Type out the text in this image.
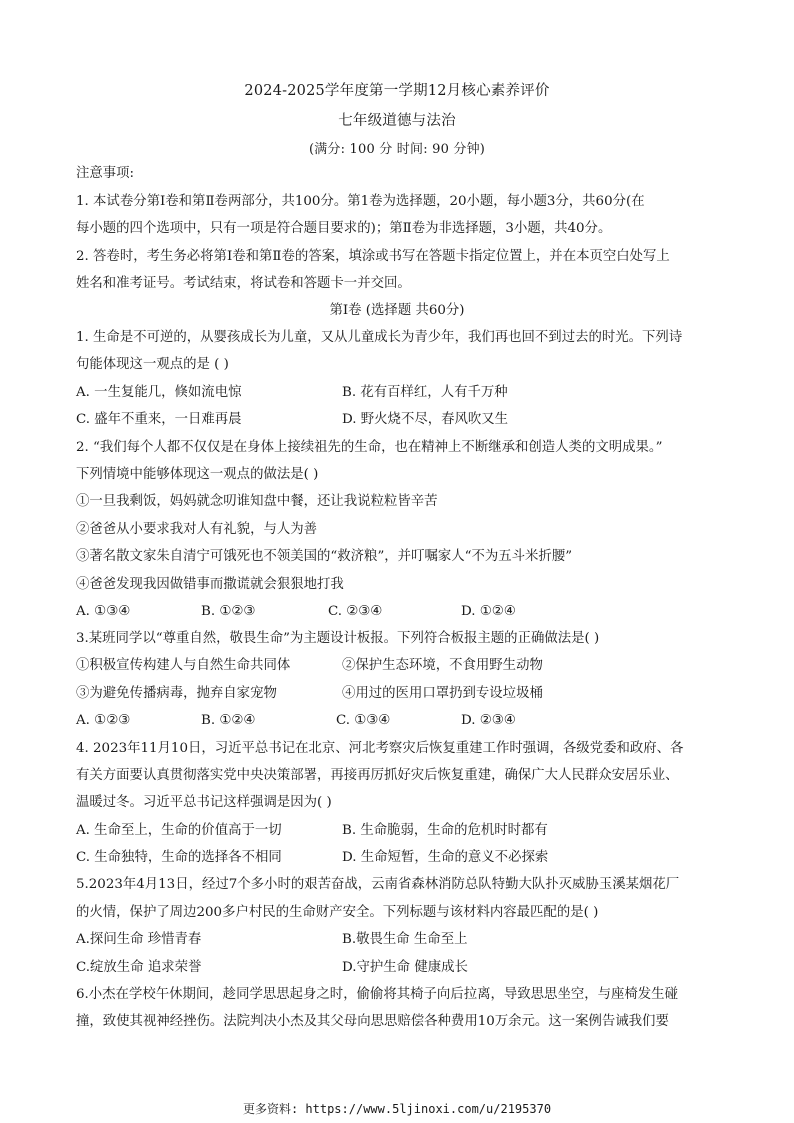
2024-2025学年度第一学期12月核心素养评价
七年级道德与法治
(满分: 100 分 时间: 90 分钟)
注意事项:
1. 本试卷分第Ⅰ卷和第Ⅱ卷两部分，共100分。第1卷为选择题，20小题，每小题3分，共60分(在
每小题的四个选项中，只有一项是符合题目要求的)；第Ⅱ卷为非选择题，3小题，共40分。
2. 答卷时，考生务必将第Ⅰ卷和第Ⅱ卷的答案，填涂或书写在答题卡指定位置上，并在本页空白处写上
姓名和准考证号。考试结束，将试卷和答题卡一并交回。
第Ⅰ卷 (选择题 共60分)
1. 生命是不可逆的，从婴孩成长为儿童，又从儿童成长为青少年，我们再也回不到过去的时光。下列诗
句能体现这一观点的是 ( )
A. 一生复能几，倏如流电惊	B. 花有百样红，人有千万种
C. 盛年不重来，一日难再晨	D. 野火烧不尽，春风吹又生
2. “我们每个人都不仅仅是在身体上接续祖先的生命，也在精神上不断继承和创造人类的文明成果。”
下列情境中能够体现这一观点的做法是( )
①一旦我剩饭，妈妈就念叨谁知盘中餐，还让我说粒粒皆辛苦
②爸爸从小要求我对人有礼貌，与人为善
③著名散文家朱自清宁可饿死也不领美国的“救济粮”，并叮嘱家人“不为五斗米折腰”
④爸爸发现我因做错事而撒谎就会狠狠地打我
A. ①③④	B. ①②③	C. ②③④	D. ①②④
3.某班同学以“尊重自然，敬畏生命”为主题设计板报。下列符合板报主题的正确做法是( )
①积极宣传构建人与自然生命共同体	②保护生态环境，不食用野生动物
③为避免传播病毒，抛弃自家宠物	④用过的医用口罩扔到专设垃圾桶
A. ①②③	B. ①②④	C. ①③④	D. ②③④
4. 2023年11月10日，习近平总书记在北京、河北考察灾后恢复重建工作时强调，各级党委和政府、各
有关方面要认真贯彻落实党中央决策部署，再接再厉抓好灾后恢复重建，确保广大人民群众安居乐业、
温暖过冬。习近平总书记这样强调是因为( )
A. 生命至上，生命的价值高于一切	B. 生命脆弱，生命的危机时时都有
C. 生命独特，生命的选择各不相同	D. 生命短暂，生命的意义不必探索
5.2023年4月13日，经过7个多小时的艰苦奋战，云南省森林消防总队特勤大队扑灭威胁玉溪某烟花厂
的火情，保护了周边200多户村民的生命财产安全。下列标题与该材料内容最匹配的是( )
A.探问生命 珍惜青春	B.敬畏生命 生命至上
C.绽放生命 追求荣誉	D.守护生命 健康成长
6.小杰在学校午休期间，趁同学思思起身之时，偷偷将其椅子向后拉离，导致思思坐空，与座椅发生碰
撞，致使其视神经挫伤。法院判决小杰及其父母向思思赔偿各种费用10万余元。这一案例告诫我们要
更多资料: https://www.5ljinoxi.com/u/2195370
